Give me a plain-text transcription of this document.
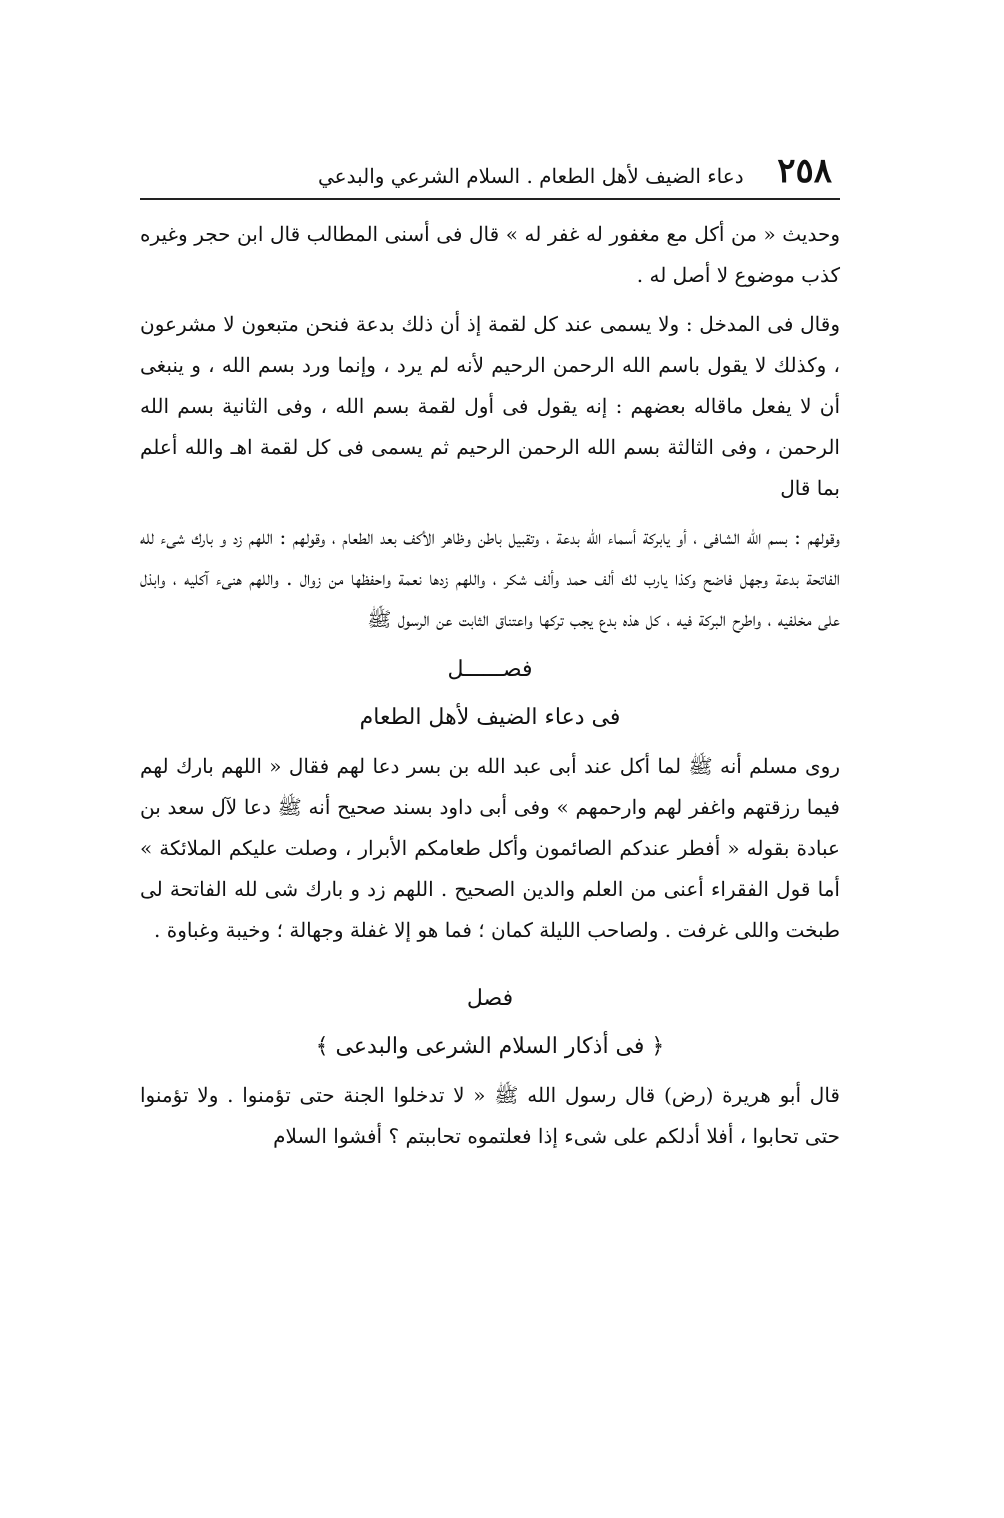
٢٥٨
دعاء الضيف لأهل الطعام . السلام الشرعي والبدعي

وحديث « من أكل مع مغفور له غفر له » قال فى أسنى المطالب قال ابن حجر وغيره كذب موضوع لا أصل له .

وقال فى المدخل : ولا يسمى عند كل لقمة إذ أن ذلك بدعة فنحن متبعون لا مشرعون ، وكذلك لا يقول باسم الله الرحمن الرحيم لأنه لم يرد ، وإنما ورد بسم الله ، و ينبغى أن لا يفعل ماقاله بعضهم : إنه يقول فى أول لقمة بسم الله ، وفى الثانية بسم الله الرحمن ، وفى الثالثة بسم الله الرحمن الرحيم ثم يسمى فى كل لقمة اهـ والله أعلم بما قال

وقولهم : بسم الله الشافى ، أو يابركة أسماء الله بدعة ، وتقبيل باطن وظاهر الأكف بعد الطعام ، وقولهم : اللهم زد و بارك شىء لله الفاتحة بدعة وجهل فاضح وكذا يارب لك ألف حمد وألف شكر ، واللهم زدها نعمة واحفظها من زوال . واللهم هنىء آكليه ، وابذل على مخلفيه ، واطرح البركة فيه ، كل هذه بدع يجب تركها واعتناق الثابت عن الرسول ﷺ

فصــــــل
فى دعاء الضيف لأهل الطعام

روى مسلم أنه ﷺ لما أكل عند أبى عبد الله بن بسر دعا لهم فقال « اللهم بارك لهم فيما رزقتهم واغفر لهم وارحمهم » وفى أبى داود بسند صحيح أنه ﷺ دعا لآل سعد بن عبادة بقوله « أفطر عندكم الصائمون وأكل طعامكم الأبرار ، وصلت عليكم الملائكة » أما قول الفقراء أعنى من العلم والدين الصحيح . اللهم زد و بارك شى لله الفاتحة لى طبخت واللى غرفت . ولصاحب الليلة كمان ؛ فما هو إلا غفلة وجهالة ؛ وخيبة وغباوة .

فصل
﴿ فى أذكار السلام الشرعى والبدعى ﴾

قال أبو هريرة (رض) قال رسول الله ﷺ « لا تدخلوا الجنة حتى تؤمنوا . ولا تؤمنوا حتى تحابوا ، أفلا أدلكم على شىء إذا فعلتموه تحاببتم ؟ أفشوا السلام
